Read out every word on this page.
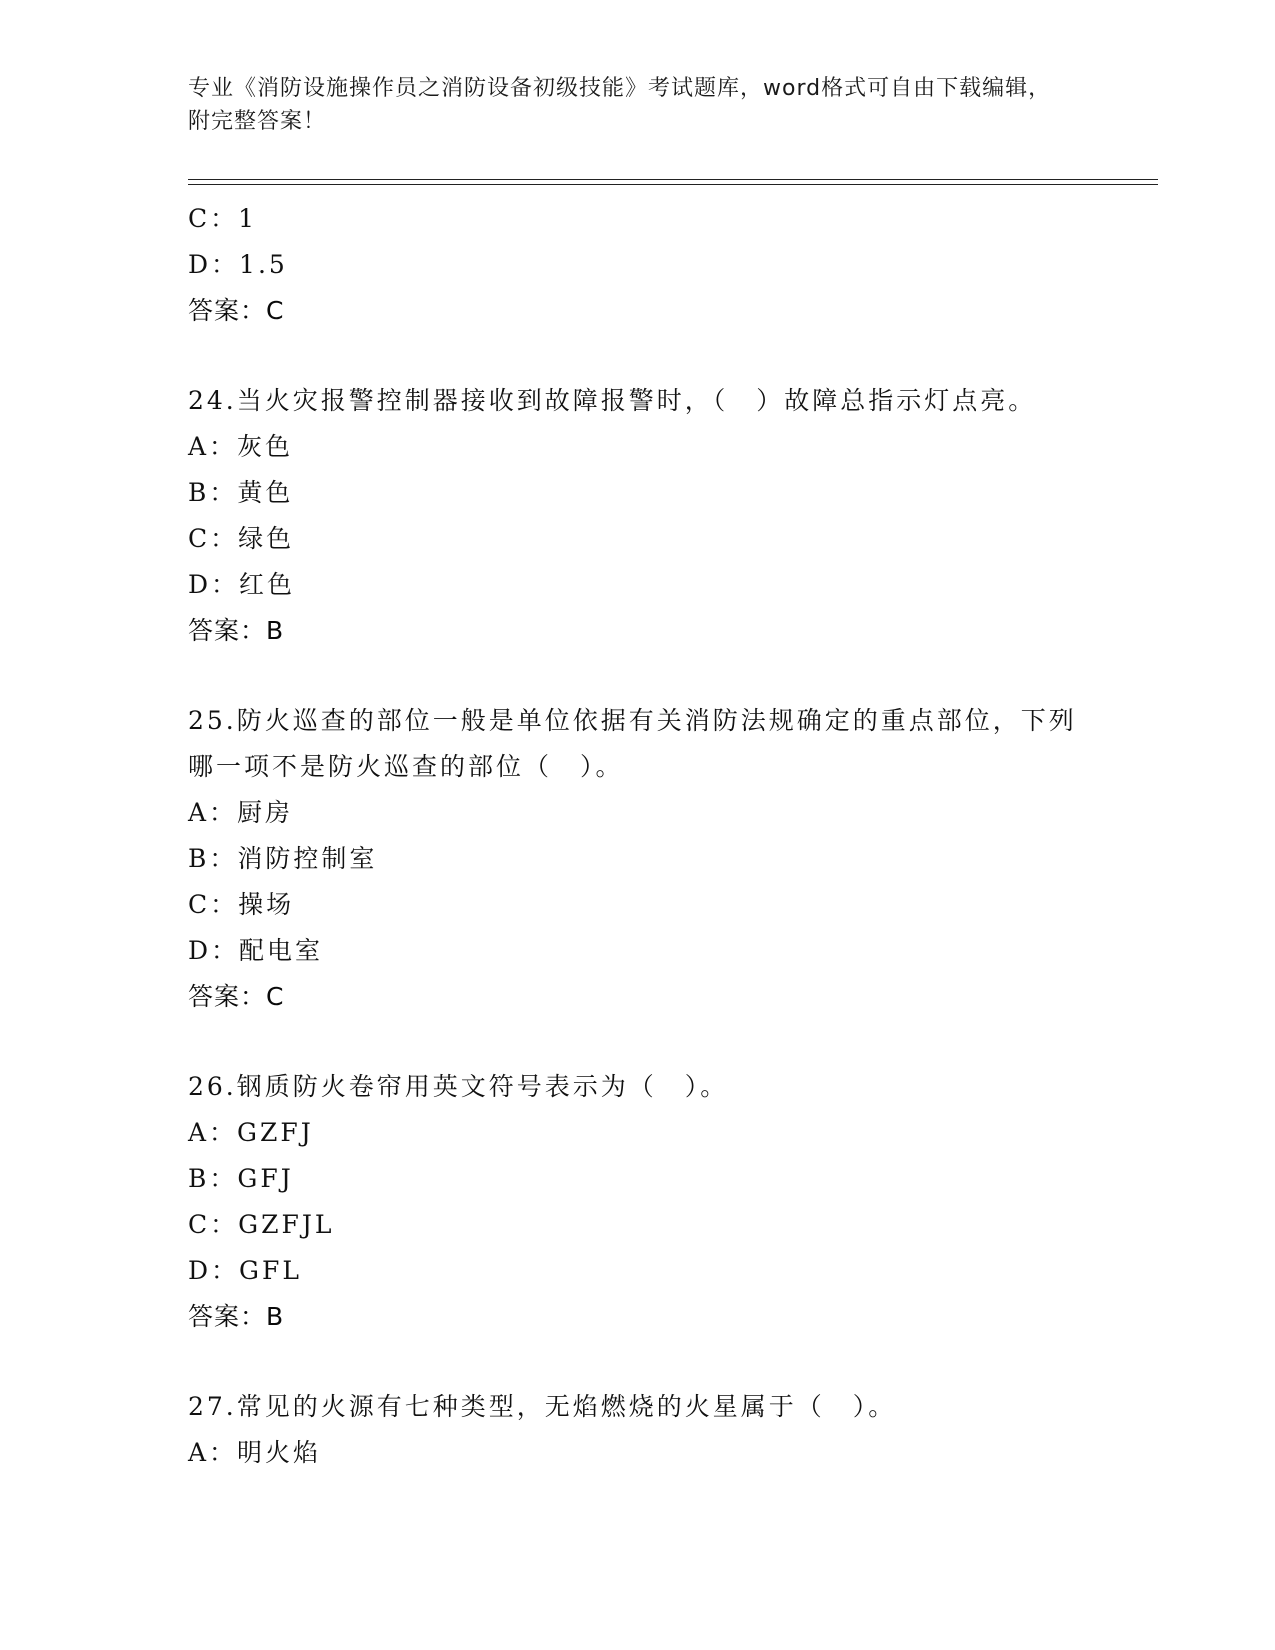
专业《消防设施操作员之消防设备初级技能》考试题库，word格式可自由下载编辑，附完整答案！
C：1
D：1.5
答案：C
24.当火灾报警控制器接收到故障报警时，（　）故障总指示灯点亮。
A：灰色
B：黄色
C：绿色
D：红色
答案：B
25.防火巡查的部位一般是单位依据有关消防法规确定的重点部位，下列哪一项不是防火巡查的部位（　）。
A：厨房
B：消防控制室
C：操场
D：配电室
答案：C
26.钢质防火卷帘用英文符号表示为（　）。
A：GZFJ
B：GFJ
C：GZFJL
D：GFL
答案：B
27.常见的火源有七种类型，无焰燃烧的火星属于（　）。
A：明火焰
